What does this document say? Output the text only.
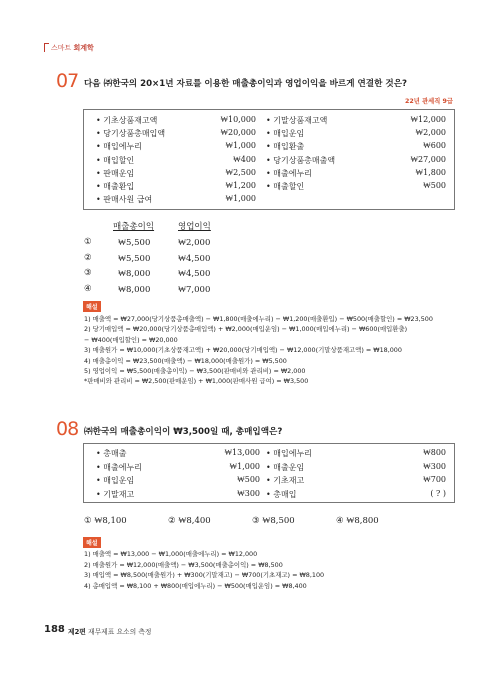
스마트 회계학
07 다음 ㈜한국의 20×1년 자료를 이용한 매출총이익과 영업이익을 바르게 연결한 것은?
22년 관세직 9급
• 기초상품재고액	₩10,000
• 당기상품총매입액	₩20,000
• 매입에누리	₩1,000
• 매입할인	₩400
• 판매운임	₩2,500
• 매출환입	₩1,200
• 판매사원 급여	₩1,000
• 기말상품재고액	₩12,000
• 매입운임	₩2,000
• 매입환출	₩600
• 당기상품총매출액	₩27,000
• 매출에누리	₩1,800
• 매출할인	₩500
매출총이익	영업이익
①	₩5,500	₩2,000
②	₩5,500	₩4,500
③	₩8,000	₩4,500
④	₩8,000	₩7,000
해설
1) 매출액 = ₩27,000(당기상품총매출액) − ₩1,800(매출에누리) − ₩1,200(매출환입) − ₩500(매출할인) = ₩23,500
2) 당기매입액 = ₩20,000(당기상품총매입액) + ₩2,000(매입운임) − ₩1,000(매입에누리) − ₩600(매입환출)
− ₩400(매입할인) = ₩20,000
3) 매출원가 = ₩10,000(기초상품재고액) + ₩20,000(당기매입액) − ₩12,000(기말상품재고액) = ₩18,000
4) 매출총이익 = ₩23,500(매출액) − ₩18,000(매출원가) = ₩5,500
5) 영업이익 = ₩5,500(매출총이익) − ₩3,500(판매비와 관리비) = ₩2,000
*판매비와 관리비 = ₩2,500(판매운임) + ₩1,000(판매사원 급여) = ₩3,500
08 ㈜한국의 매출총이익이 ₩3,500일 때, 총매입액은?
• 총매출	₩13,000
• 매출에누리	₩1,000
• 매입운임	₩500
• 기말재고	₩300
• 매입에누리	₩800
• 매출운임	₩300
• 기초재고	₩700
• 총매입	( ? )
① ₩8,100	② ₩8,400	③ ₩8,500	④ ₩8,800
해설
1) 매출액 = ₩13,000 − ₩1,000(매출에누리) = ₩12,000
2) 매출원가 = ₩12,000(매출액) − ₩3,500(매출총이익) = ₩8,500
3) 매입액 = ₩8,500(매출원가) + ₩300(기말재고) − ₩700(기초재고) = ₩8,100
4) 총매입액 = ₩8,100 + ₩800(매입에누리) − ₩500(매입운임) = ₩8,400
188 제2편 재무제표 요소의 측정
